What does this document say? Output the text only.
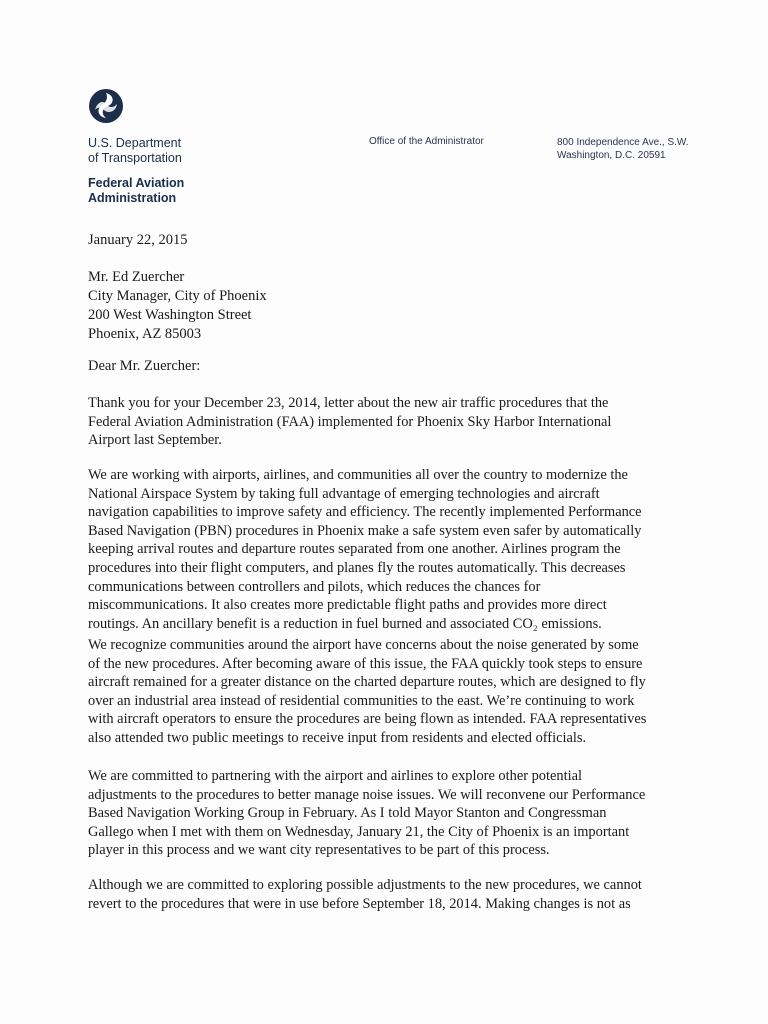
U.S. Department
of Transportation
Federal Aviation
Administration
Office of the Administrator	800 Independence Ave., S.W.
Washington, D.C. 20591
January 22, 2015
Mr. Ed Zuercher
City Manager, City of Phoenix
200 West Washington Street
Phoenix, AZ 85003
Dear Mr. Zuercher:
Thank you for your December 23, 2014, letter about the new air traffic procedures that the
Federal Aviation Administration (FAA) implemented for Phoenix Sky Harbor International
Airport last September.
We are working with airports, airlines, and communities all over the country to modernize the
National Airspace System by taking full advantage of emerging technologies and aircraft
navigation capabilities to improve safety and efficiency. The recently implemented Performance
Based Navigation (PBN) procedures in Phoenix make a safe system even safer by automatically
keeping arrival routes and departure routes separated from one another. Airlines program the
procedures into their flight computers, and planes fly the routes automatically. This decreases
communications between controllers and pilots, which reduces the chances for
miscommunications. It also creates more predictable flight paths and provides more direct
routings. An ancillary benefit is a reduction in fuel burned and associated CO₂ emissions.
We recognize communities around the airport have concerns about the noise generated by some
of the new procedures. After becoming aware of this issue, the FAA quickly took steps to ensure
aircraft remained for a greater distance on the charted departure routes, which are designed to fly
over an industrial area instead of residential communities to the east. We’re continuing to work
with aircraft operators to ensure the procedures are being flown as intended. FAA representatives
also attended two public meetings to receive input from residents and elected officials.
We are committed to partnering with the airport and airlines to explore other potential
adjustments to the procedures to better manage noise issues. We will reconvene our Performance
Based Navigation Working Group in February. As I told Mayor Stanton and Congressman
Gallego when I met with them on Wednesday, January 21, the City of Phoenix is an important
player in this process and we want city representatives to be part of this process.
Although we are committed to exploring possible adjustments to the new procedures, we cannot
revert to the procedures that were in use before September 18, 2014. Making changes is not as
